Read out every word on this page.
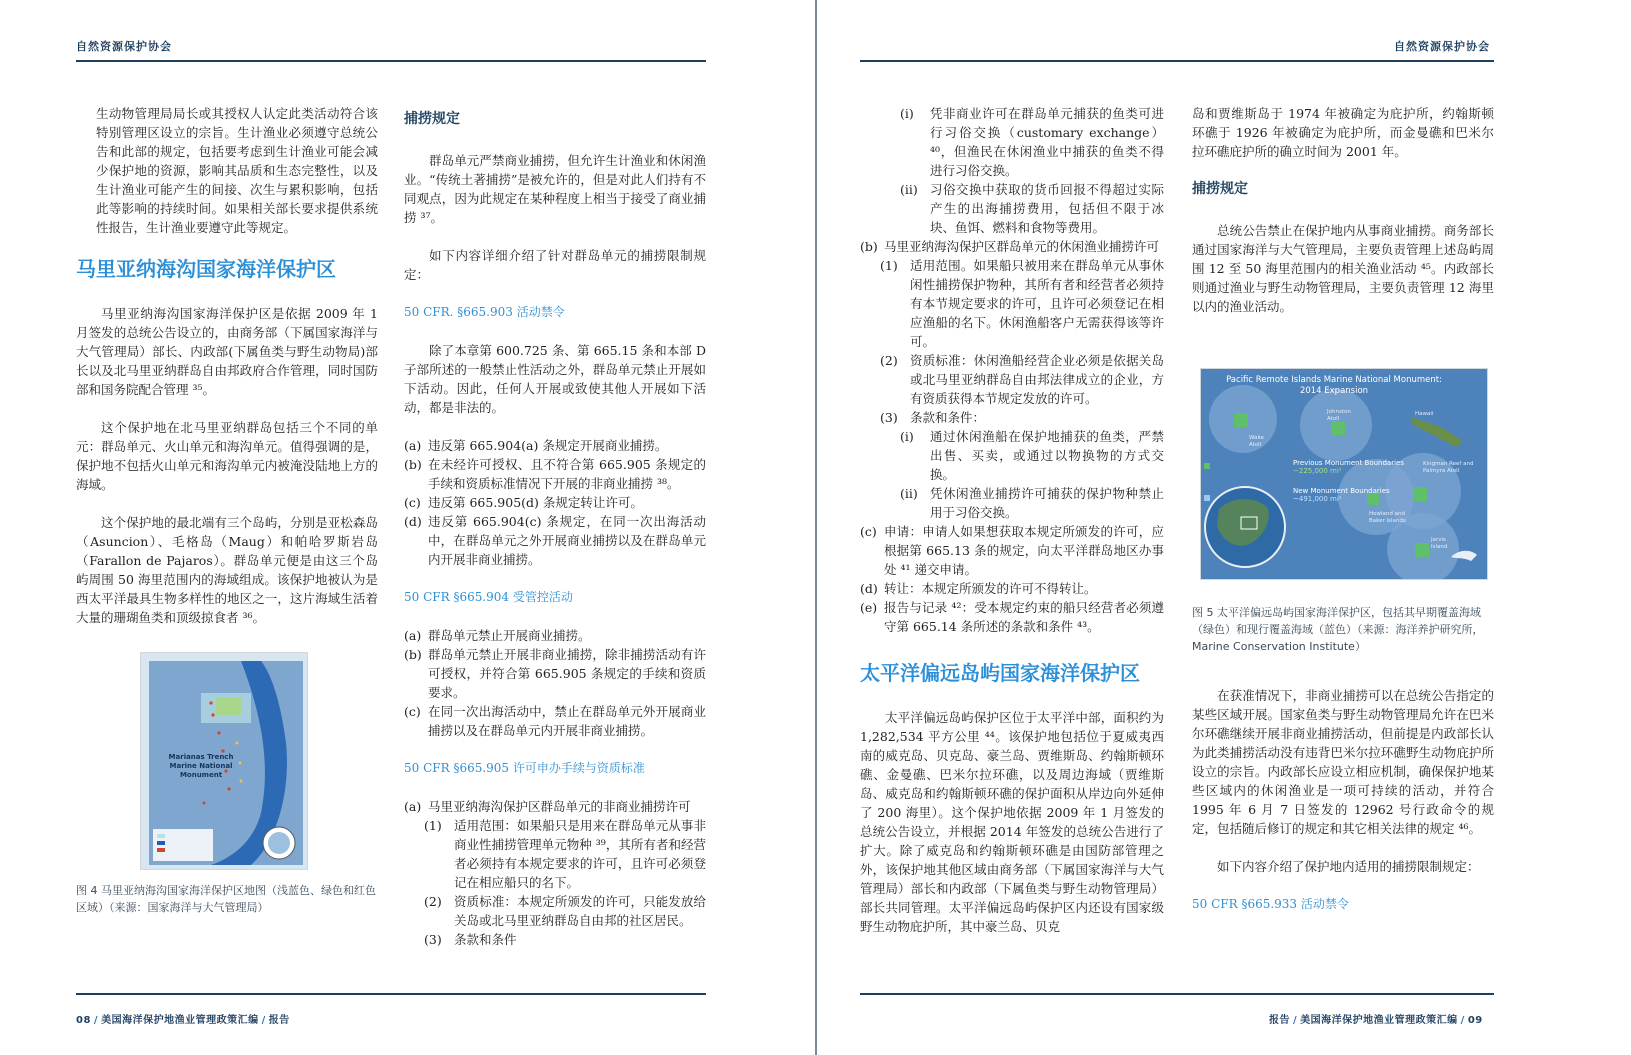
自然资源保护协会

生动物管理局局长或其授权人认定此类活动符合该特别管理区设立的宗旨。生计渔业必须遵守总统公告和此部的规定，包括要考虑到生计渔业可能会减少保护地的资源，影响其品质和生态完整性，以及生计渔业可能产生的间接、次生与累积影响，包括此等影响的持续时间。如果相关部长要求提供系统性报告，生计渔业要遵守此等规定。

马里亚纳海沟国家海洋保护区

马里亚纳海沟国家海洋保护区是依据 2009 年 1 月签发的总统公告设立的，由商务部（下属国家海洋与大气管理局）部长、内政部(下属鱼类与野生动物局)部长以及北马里亚纳群岛自由邦政府合作管理，同时国防部和国务院配合管理 ³⁵。

这个保护地在北马里亚纳群岛包括三个不同的单元：群岛单元、火山单元和海沟单元。值得强调的是，保护地不包括火山单元和海沟单元内被淹没陆地上方的海域。

这个保护地的最北端有三个岛屿，分别是亚松森岛（Asuncion）、毛格岛（Maug）和帕哈罗斯岩岛（Farallon de Pajaros）。群岛单元便是由这三个岛屿周围 50 海里范围内的海域组成。该保护地被认为是西太平洋最具生物多样性的地区之一，这片海域生活着大量的珊瑚鱼类和顶级掠食者 ³⁶。

Marianas Trench Marine National Monument
图 4 马里亚纳海沟国家海洋保护区地图（浅蓝色、绿色和红色区域）（来源：国家海洋与大气管理局）
捕捞规定

群岛单元严禁商业捕捞，但允许生计渔业和休闲渔业。“传统土著捕捞”是被允许的，但是对此人们持有不同观点，因为此规定在某种程度上相当于接受了商业捕捞 ³⁷。

如下内容详细介绍了针对群岛单元的捕捞限制规定：

50 CFR. §665.903 活动禁令

除了本章第 600.725 条、第 665.15 条和本部 D 子部所述的一般禁止性活动之外，群岛单元禁止开展如下活动。因此，任何人开展或致使其他人开展如下活动，都是非法的。

(a) 违反第 665.904(a) 条规定开展商业捕捞。
(b) 在未经许可授权、且不符合第 665.905 条规定的手续和资质标准情况下开展的非商业捕捞 ³⁸。
(c) 违反第 665.905(d) 条规定转让许可。
(d) 违反第 665.904(c) 条规定，在同一次出海活动中，在群岛单元之外开展商业捕捞以及在群岛单元内开展非商业捕捞。
50 CFR §665.904 受管控活动
(a) 群岛单元禁止开展商业捕捞。
(b) 群岛单元禁止开展非商业捕捞，除非捕捞活动有许可授权，并符合第 665.905 条规定的手续和资质要求。
(c) 在同一次出海活动中，禁止在群岛单元外开展商业捕捞以及在群岛单元内开展非商业捕捞。
50 CFR §665.905 许可申办手续与资质标准
(a) 马里亚纳海沟保护区群岛单元的非商业捕捞许可
(1) 适用范围：如果船只是用来在群岛单元从事非商业性捕捞管理单元物种 ³⁹，其所有者和经营者必须持有本规定要求的许可，且许可必须登记在相应船只的名下。
(2) 资质标准：本规定所颁发的许可，只能发放给关岛或北马里亚纳群岛自由邦的社区居民。
(3) 条款和条件
08 / 美国海洋保护地渔业管理政策汇编 / 报告
自然资源保护协会
(i)	凭非商业许可在群岛单元捕获的鱼类可进行习俗交换（customary exchange）⁴⁰，但渔民在休闲渔业中捕获的鱼类不得进行习俗交换。
(ii) 习俗交换中获取的货币回报不得超过实际产生的出海捕捞费用，包括但不限于冰块、鱼饵、燃料和食物等费用。
(b) 马里亚纳海沟保护区群岛单元的休闲渔业捕捞许可
(1) 适用范围。如果船只被用来在群岛单元从事休闲性捕捞保护物种，其所有者和经营者必须持有本节规定要求的许可，且许可必须登记在相应渔船的名下。休闲渔船客户无需获得该等许可。
(2) 资质标准：休闲渔船经营企业必须是依据关岛或北马里亚纳群岛自由邦法律成立的企业，方有资质获得本节规定发放的许可。
(3) 条款和条件：
(i)	通过休闲渔船在保护地捕获的鱼类，严禁出售、买卖，或通过以物换物的方式交换。
(ii) 凭休闲渔业捕捞许可捕获的保护物种禁止用于习俗交换。
(c) 申请：申请人如果想获取本规定所颁发的许可，应根据第 665.13 条的规定，向太平洋群岛地区办事处 ⁴¹ 递交申请。
(d) 转让：本规定所颁发的许可不得转让。
(e) 报告与记录 ⁴²：受本规定约束的船只经营者必须遵守第 665.14 条所述的条款和条件 ⁴³。
太平洋偏远岛屿国家海洋保护区

太平洋偏远岛屿保护区位于太平洋中部，面积约为 1,282,534 平方公里 ⁴⁴。该保护地包括位于夏威夷西南的威克岛、贝克岛、豪兰岛、贾维斯岛、约翰斯顿环礁、金曼礁、巴米尔拉环礁，以及周边海域（贾维斯岛、威克岛和约翰斯顿环礁的保护面积从岸边向外延伸了 200 海里）。这个保护地依据 2009 年 1 月签发的总统公告设立，并根据 2014 年签发的总统公告进行了扩大。除了威克岛和约翰斯顿环礁是由国防部管理之外，该保护地其他区域由商务部（下属国家海洋与大气管理局）部长和内政部（下属鱼类与野生动物管理局）部长共同管理。太平洋偏远岛屿保护区内还设有国家级野生动物庇护所，其中豪兰岛、贝克

岛和贾维斯岛于 1974 年被确定为庇护所，约翰斯顿环礁于 1926 年被确定为庇护所，而金曼礁和巴米尔拉环礁庇护所的确立时间为 2001 年。

捕捞规定

总统公告禁止在保护地内从事商业捕捞。商务部长通过国家海洋与大气管理局，主要负责管理上述岛屿周围 12 至 50 海里范围内的相关渔业活动 ⁴⁵。内政部长则通过渔业与野生动物管理局，主要负责管理 12 海里以内的渔业活动。

Pacific Remote Islands Marine National Monument:
2014 Expansion
Previous Monument Boundaries
~225,000 mi²
New Monument Boundaries
~491,000 mi²
Wake Atoll
Johnston Atoll
Hawaii
Kingman Reef and Palmyra Atoll
Howland and Baker Islands
Jarvis Island
图 5 太平洋偏远岛屿国家海洋保护区，包括其早期覆盖海域（绿色）和现行覆盖海域（蓝色）（来源：海洋养护研究所，Marine Conservation Institute）

在获准情况下，非商业捕捞可以在总统公告指定的某些区域开展。国家鱼类与野生动物管理局允许在巴米尔环礁继续开展非商业捕捞活动，但前提是内政部长认为此类捕捞活动没有违背巴米尔拉环礁野生动物庇护所设立的宗旨。内政部长应设立相应机制，确保保护地某些区域内的休闲渔业是一项可持续的活动，并符合 1995 年 6 月 7 日签发的 12962 号行政命令的规定，包括随后修订的规定和其它相关法律的规定 ⁴⁶。

如下内容介绍了保护地内适用的捕捞限制规定：

50 CFR §665.933 活动禁令
报告 / 美国海洋保护地渔业管理政策汇编 / 09
